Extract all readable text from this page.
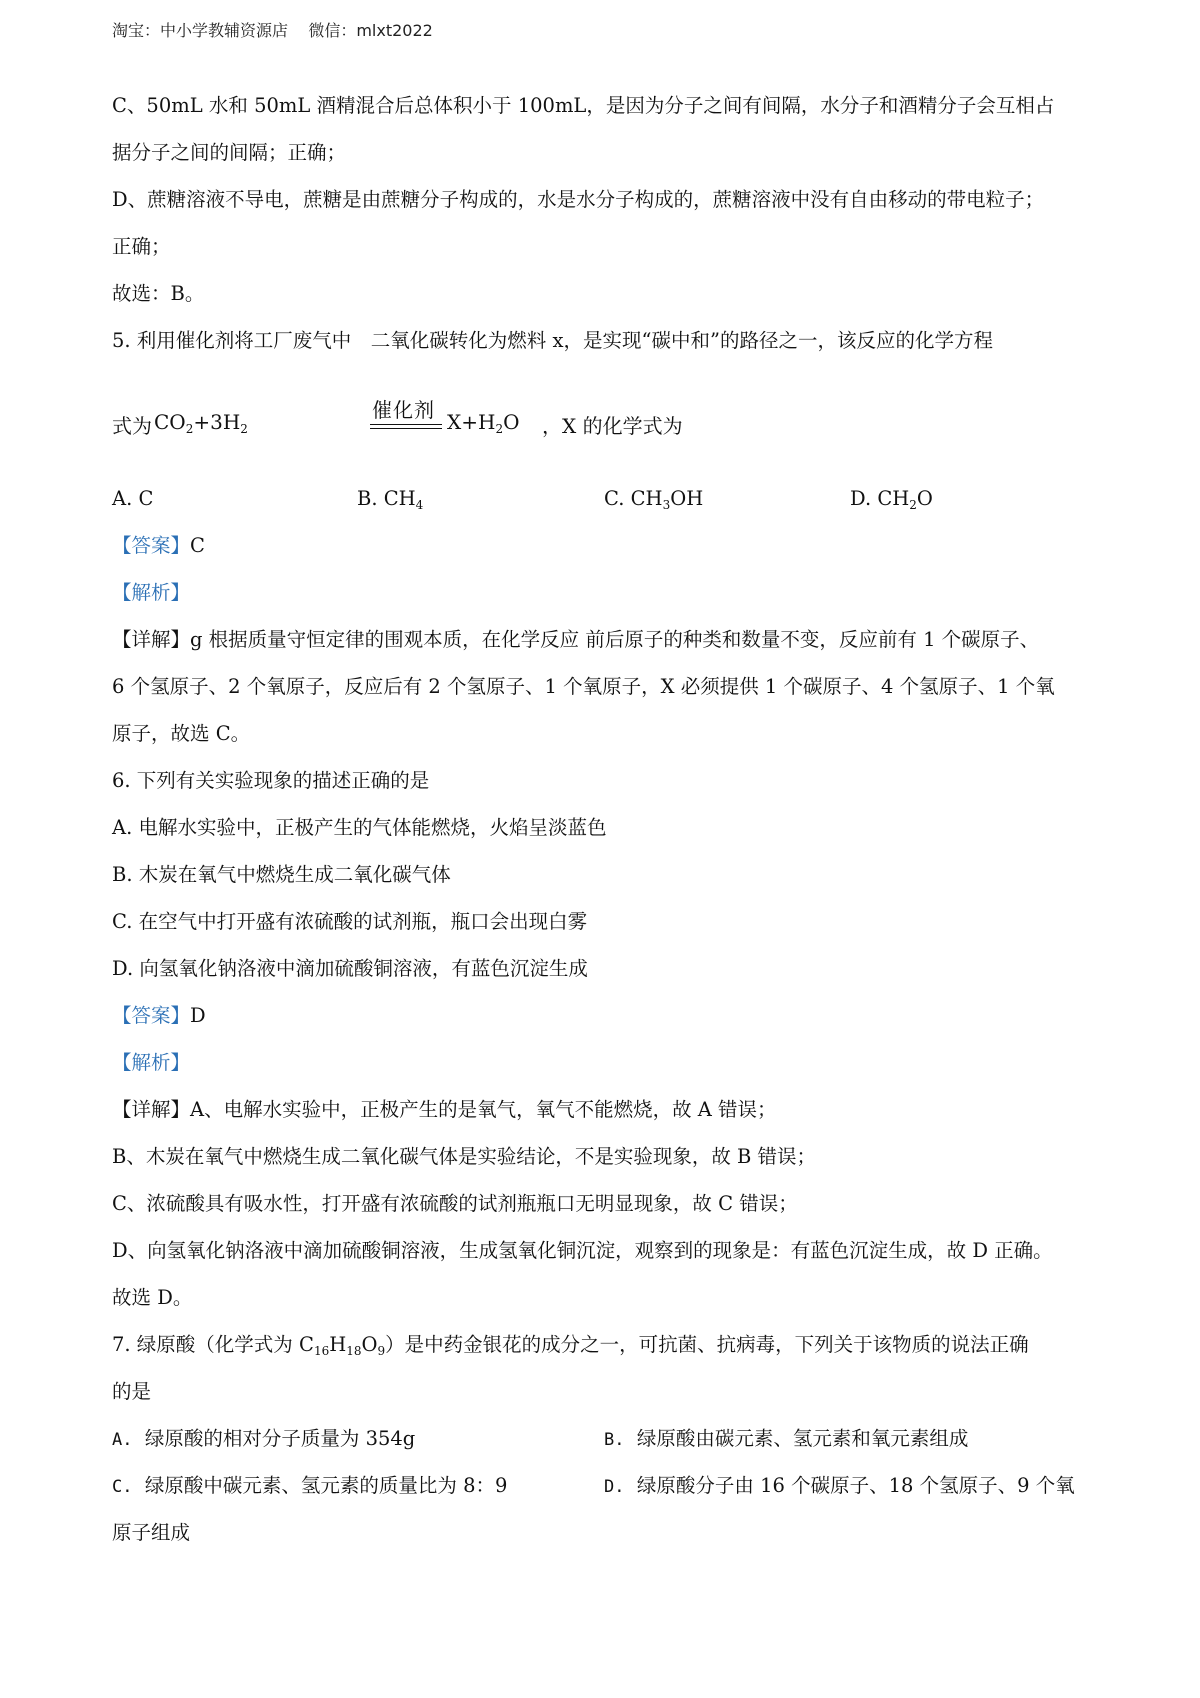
淘宝：中小学教辅资源店    微信：mlxt2022
C、50mL 水和 50mL 酒精混合后总体积小于 100mL，是因为分子之间有间隔，水分子和酒精分子会互相占
据分子之间的间隔；正确；
D、蔗糖溶液不导电，蔗糖是由蔗糖分子构成的，水是水分子构成的，蔗糖溶液中没有自由移动的带电粒子；
正确；
故选：B。
5. 利用催化剂将工厂废气中　二氧化碳转化为燃料 x，是实现“碳中和”的路径之一，该反应的化学方程
式为 $CO_2+3H_2$
催化剂 $X+H_2O$ ，X 的化学式为
A. C	B. $CH_4$	C. $CH_3OH$	D. $CH_2O$
【答案】C
【解析】
【详解】g 根据质量守恒定律的围观本质，在化学反应 前后原子的种类和数量不变，反应前有 1 个碳原子、
6 个氢原子、2 个氧原子，反应后有 2 个氢原子、1 个氧原子，X 必须提供 1 个碳原子、4 个氢原子、1 个氧
原子，故选 C。
6. 下列有关实验现象的描述正确的是
A. 电解水实验中，正极产生的气体能燃烧，火焰呈淡蓝色
B. 木炭在氧气中燃烧生成二氧化碳气体
C. 在空气中打开盛有浓硫酸的试剂瓶，瓶口会出现白雾
D. 向氢氧化钠洛液中滴加硫酸铜溶液，有蓝色沉淀生成
【答案】D
【解析】
【详解】A、电解水实验中，正极产生的是氧气，氧气不能燃烧，故 A 错误；
B、木炭在氧气中燃烧生成二氧化碳气体是实验结论，不是实验现象，故 B 错误；
C、浓硫酸具有吸水性，打开盛有浓硫酸的试剂瓶瓶口无明显现象，故 C 错误；
D、向氢氧化钠洛液中滴加硫酸铜溶液，生成氢氧化铜沉淀，观察到的现象是：有蓝色沉淀生成，故 D 正确。
故选 D。
7. 绿原酸（化学式为 $C_{16}H_{18}O_9$）是中药金银花的成分之一，可抗菌、抗病毒，下列关于该物质的说法正确
的是
A. 绿原酸的相对分子质量为 354g	B. 绿原酸由碳元素、氢元素和氧元素组成
C. 绿原酸中碳元素、氢元素的质量比为 8：9	D. 绿原酸分子由 16 个碳原子、18 个氢原子、9 个氧
原子组成
